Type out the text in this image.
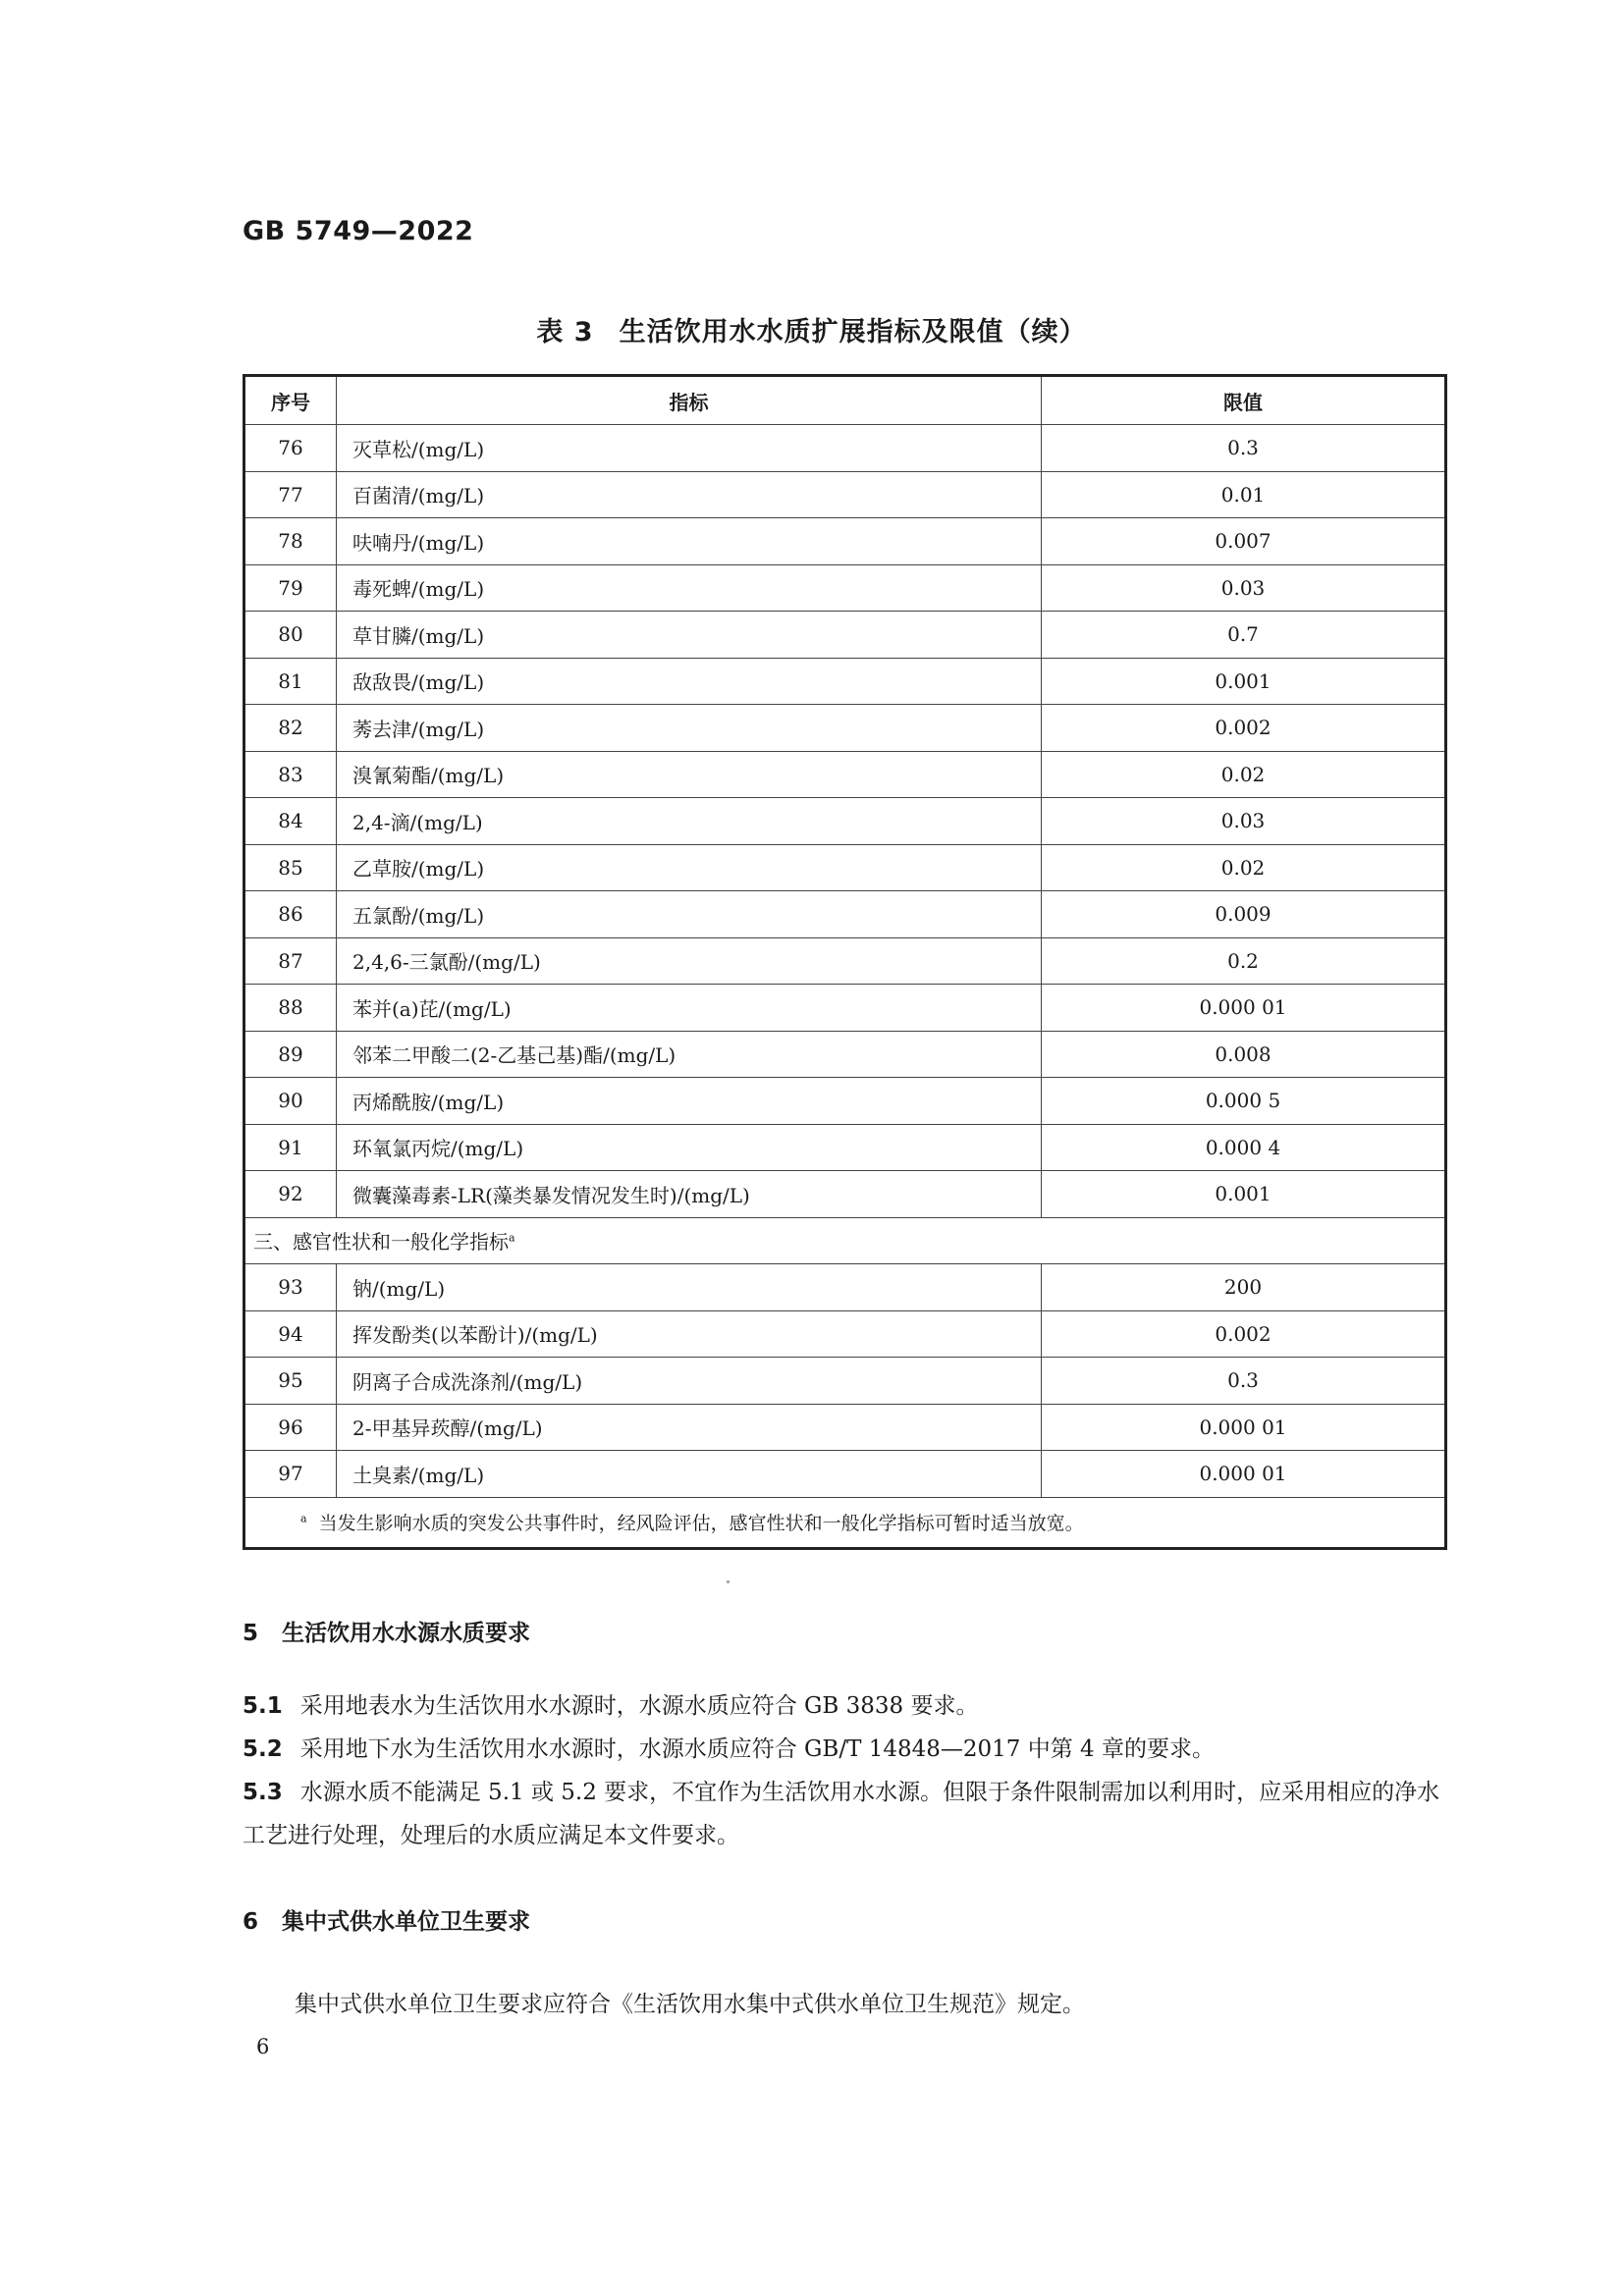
GB 5749—2022
表 3 生活饮用水水质扩展指标及限值（续）
序号	指标	限值
76	灭草松/(mg/L)	0.3
77	百菌清/(mg/L)	0.01
78	呋喃丹/(mg/L)	0.007
79	毒死蜱/(mg/L)	0.03
80	草甘膦/(mg/L)	0.7
81	敌敌畏/(mg/L)	0.001
82	莠去津/(mg/L)	0.002
83	溴氰菊酯/(mg/L)	0.02
84	2,4-滴/(mg/L)	0.03
85	乙草胺/(mg/L)	0.02
86	五氯酚/(mg/L)	0.009
87	2,4,6-三氯酚/(mg/L)	0.2
88	苯并(a)芘/(mg/L)	0.000 01
89	邻苯二甲酸二(2-乙基己基)酯/(mg/L)	0.008
90	丙烯酰胺/(mg/L)	0.000 5
91	环氧氯丙烷/(mg/L)	0.000 4
92	微囊藻毒素-LR(藻类暴发情况发生时)/(mg/L)	0.001
三、感官性状和一般化学指标$^a$
93	钠/(mg/L)	200
94	挥发酚类(以苯酚计)/(mg/L)	0.002
95	阴离子合成洗涤剂/(mg/L)	0.3
96	2-甲基异莰醇/(mg/L)	0.000 01
97	土臭素/(mg/L)	0.000 01
$^a$ 当发生影响水质的突发公共事件时，经风险评估，感官性状和一般化学指标可暂时适当放宽。		
5 生活饮用水水源水质要求
5.1 采用地表水为生活饮用水水源时，水源水质应符合 GB 3838 要求。
5.2 采用地下水为生活饮用水水源时，水源水质应符合 GB/T 14848—2017 中第 4 章的要求。
5.3 水源水质不能满足 5.1 或 5.2 要求，不宜作为生活饮用水水源。但限于条件限制需加以利用时，应采用相应的净水工艺进行处理，处理后的水质应满足本文件要求。
6 集中式供水单位卫生要求
集中式供水单位卫生要求应符合《生活饮用水集中式供水单位卫生规范》规定。
6
